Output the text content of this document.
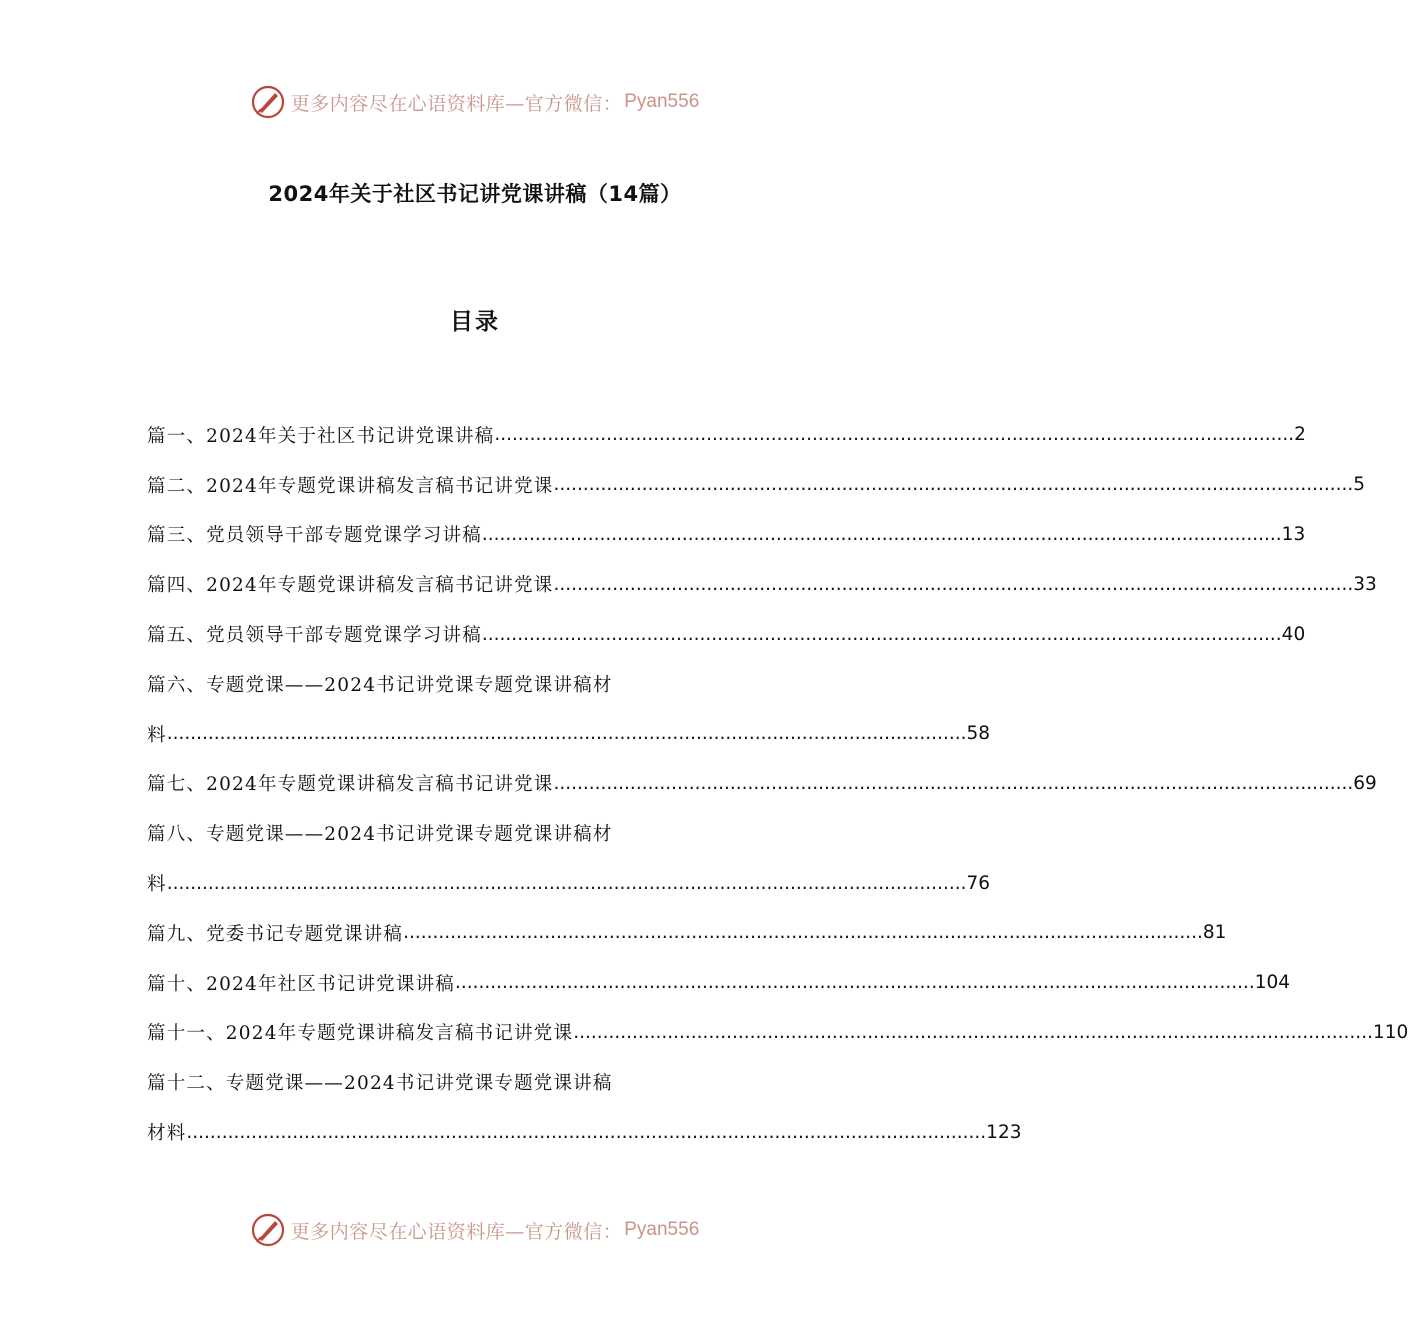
更多内容尽在心语资料库—官方微信： Pyan556
2024年关于社区书记讲党课讲稿（14篇）
目录
篇一、2024年关于社区书记讲党课讲稿 ........................................................................................................................................ 2
篇二、2024年专题党课讲稿发言稿书记讲党课 ........................................................................................................................................ 5
篇三、党员领导干部专题党课学习讲稿 ........................................................................................................................................ 13
篇四、2024年专题党课讲稿发言稿书记讲党课 ........................................................................................................................................ 33
篇五、党员领导干部专题党课学习讲稿 ........................................................................................................................................ 40
篇六、专题党课——2024书记讲党课专题党课讲稿材
料 ........................................................................................................................................ 58
篇七、2024年专题党课讲稿发言稿书记讲党课 ........................................................................................................................................ 69
篇八、专题党课——2024书记讲党课专题党课讲稿材
料 ........................................................................................................................................ 76
篇九、党委书记专题党课讲稿 ........................................................................................................................................ 81
篇十、2024年社区书记讲党课讲稿 ........................................................................................................................................ 104
篇十一、2024年专题党课讲稿发言稿书记讲党课 ........................................................................................................................................ 110
篇十二、专题党课——2024书记讲党课专题党课讲稿
材料 ........................................................................................................................................ 123
更多内容尽在心语资料库—官方微信： Pyan556
